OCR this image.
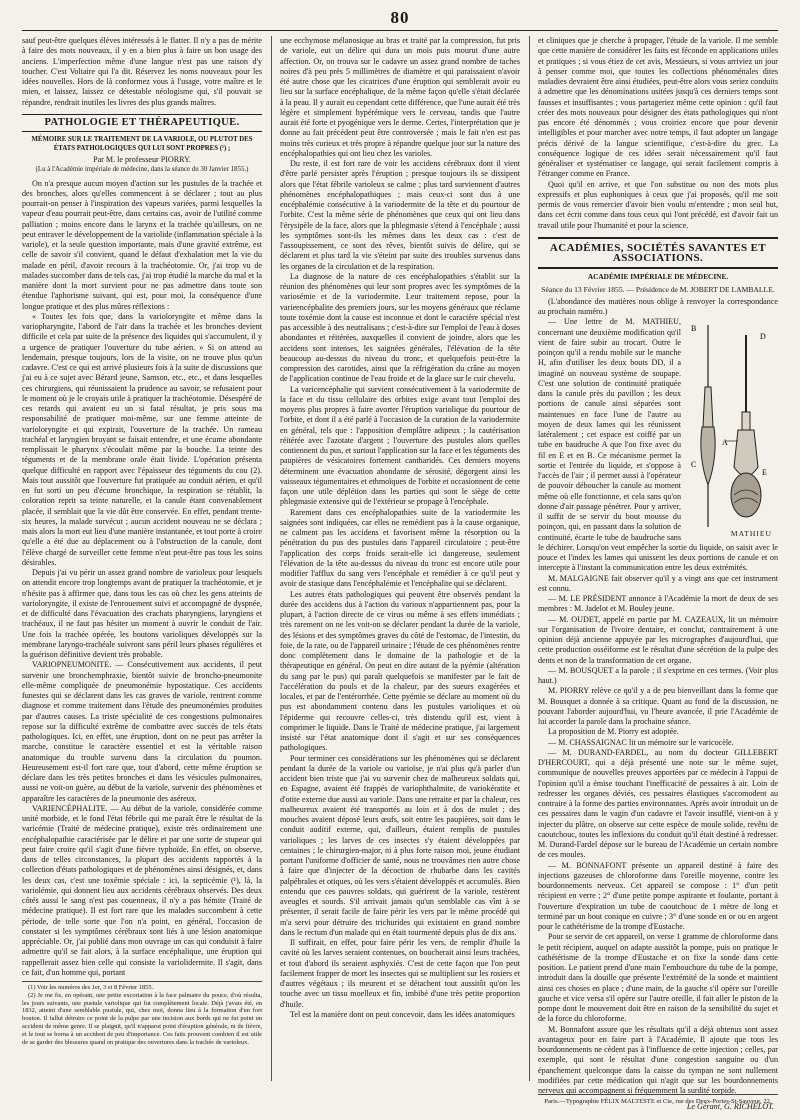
80

sauf peut-être quelques élèves intéressés à le flatter. Il n'y a pas de mérite à faire des mots nouveaux, il y en a bien plus à faire un bon usage des anciens. L'imperfection même d'une langue n'est pas une raison d'y toucher. C'est Voltaire qui l'a dit. Réservez les noms nouveaux pour les idées nouvelles. Hors de là conformez vous à l'usage, votre maître et le mien, et laissez, laissez ce détestable néologisme qui, s'il pouvait se répandre, rendrait inutiles les livres des plus grands maîtres.

PATHOLOGIE ET THÉRAPEUTIQUE.
MÉMOIRE SUR LE TRAITEMENT DE LA VARIOLE, OU PLUTOT DES ÉTATS PATHOLOGIQUES QUI LUI SONT PROPRES (¹) ;
Par M. le professeur PIORRY.
(Lu à l'Académie impériale de médecine, dans la séance du 30 Janvier 1855.)

On n'a presque aucun moyen d'action sur les pustules de la trachée et des bronches, alors qu'elles commencent à se déclarer ; tout au plus pourrait-on penser à l'inspiration des vapeurs variées, parmi lesquelles la vapeur d'eau pourrait peut-être, dans certains cas, avoir de l'utilité comme palliation ; moins encore dans le larynx et la trachée qu'ailleurs, on ne peut entraver le développement de la variolide (inflammation spéciale à la variole), et la seule question importante, mais d'une gravité extrême, est celle de savoir s'il convient, quand le défaut d'exhalation met la vie du malade en péril, d'avoir recours à la trachéotomie. Or, j'ai trop vu de malades succomber dans de tels cas, j'ai trop étudié la marche du mal et la manière dont la mort survient pour ne pas admettre dans toute son étendue l'aphorisme suivant, qui est, pour moi, la conséquence d'une longue pratique et des plus mûres réflexions :

« Toutes les fois que, dans la varioloryngite et même dans la variopharyngite, l'abord de l'air dans la trachée et les bronches devient difficile et cela par suite de la présence des liquides qui s'accumulent, il y a urgence de pratiquer l'ouverture du tube aérien. » Si on attend au lendemain, presque toujours, lors de la visite, on ne trouve plus qu'un cadavre. C'est ce qui est arrivé plusieurs fois à la suite de discussions que j'ai eu à ce sujet avec Bérard jeune, Samson, etc., etc., et dans lesquelles ces chirurgiens, qui réunissaient la prudence au savoir, se refusaient pour le moment où je le croyais utile à pratiquer la trachéotomie. Désespéré de ces retards qui avaient eu un si fatal résultat, je pris sous ma responsabilité de pratiquer moi-même, sur une femme atteinte de varioloryngite et qui expirait, l'ouverture de la trachée. Un rameau trachéal et laryngien bruyant se faisait entendre, et une écume abondante remplissait le pharynx s'écoulait même par la bouche. La teinte des téguments et de la membrane orale était livide. L'opération présenta quelque difficulté en rapport avec l'épaisseur des téguments du cou (2). Mais tout aussitôt que l'ouverture fut pratiquée au conduit aérien, et qu'il en fut sorti un peu d'écume bronchique, la respiration se rétablit, la coloration reprit sa teinte naturelle, et la canule étant convenablement placée, il semblait que la vie dût être conservée. En effet, pendant trente-six heures, la malade survécut ; aucun accident nouveau ne se déclara ; mais alors la mort eut lieu d'une manière instantanée, et tout porte à croire qu'elle a été due au déplacement ou à l'obstruction de la canule, dont l'élève chargé de surveiller cette femme n'eut peut-être pas tous les soins désirables.

Depuis j'ai vu périr un assez grand nombre de varioleux pour lesquels on attendit encore trop longtemps avant de pratiquer la trachéotomie, et je n'hésite pas à affirmer que, dans tous les cas où chez les gens atteints de varioloryngite, il existe de l'enrouement suivi et accompagné de dyspnée, et de difficulté dans l'évacuation des crachats pharyngiens, laryngiens et trachéaux, il ne faut pas hésiter un moment à ouvrir le conduit de l'air. Une fois la trachée opérée, les boutons varioliques développés sur la membrane laryngo-trachéale suivront sans péril leurs phases régulières et la guérison définitive devient très probable.

VARIOPNEUMONITE. — Consécutivement aux accidents, il peut survenir une bronchemphraxie, bientôt suivie de broncho-pneumonite elle-même compliquée de pneumonémie hypostatique. Ces accidents funestes qui se déclarent dans les cas graves de variole, rentrent comme diagnose et comme traitement dans l'étude des pneumonémies produites par d'autres causes. La triste spécialité de ces congestions pulmonaires repose sur la difficulté extrême de combattre avec succès de tels états pathologiques. Ici, en effet, une éruption, dont on ne peut pas arrêter la marche, constitue le caractère essentiel et est la véritable raison anatomique du trouble survenu dans la circulation du poumon. Heureusement est-il fort rare que, tout d'abord, cette même éruption se déclare dans les très petites bronches et dans les vésicules pulmonaires, aussi ne voit-on guère, au début de la variole, survenir des phénomènes et apparaître les caractères de la pneumonie des aséreux.

VARIENCÉPHALITE. — Au début de la variole, considérée comme unité morbide, et le fond l'état fébrile qui me paraît être le résultat de la varicémie (Traité de médecine pratique), existe très ordinairement une encéphalopathie caractérisée par le délire et par une sorte de stupeur qui peut faire croire qu'il s'agit d'une fièvre typhoïde. En effet, on observe, dans de telles circonstances, la plupart des accidents rapportés à la collection d'états pathologiques et de phénomènes ainsi désignés, et, dans les deux cas, c'est une toxémie spéciale : ici, la septicémie (¹), là, la variolémie, qui donnent lieu aux accidents cérébraux observés. Des deux côtés aussi le sang n'est pas couenneux, il n'y a pas hémite (Traité de médecine pratique). Il est fort rare que les malades succombent à cette période, de telle sorte que l'on n'a point, en général, l'occasion de constater si les symptômes cérébraux sont liés à une lésion anatomique appréciable. Or, j'ai publié dans mon ouvrage un cas qui conduisit à faire admettre qu'il se fait alors, à la surface encéphalique, une éruption qui rappellerait assez bien celle qui consiste la variolidermite. Il s'agit, dans ce fait, d'un homme qui, portant

(1) Voir les numéros des 1er, 3 et 8 Février 1855.

(2) Je me fis, en opérant, une petite excoriation à la face palmaire du pouce, d'où résulta, les jours suivants, une pustule variolique qui fut complètement locale. Déjà j'avais été, en 1832, atteint d'une semblable pustule, qui, chez moi, donna lieu à la formation d'un fort bouton. Il fallut détruire ce point de la pulpe par une incision aux bords qui ne fut point un accident de même genre. Il se plaignit, qu'il n'apparut point d'éruption générale, ni de fièvre, et le tout se borna à un accident de peu d'importance. Ces faits prouvent combien il est utile de se garder des blessures quand on pratique des ouvertures dans la trachée de varioleux.

une ecchymose mélanosique au bras et traité par la compression, fut pris de variole, eut un délire qui dura un mois puis mourut d'une autre affection. Or, on trouva sur le cadavre un assez grand nombre de taches noires d'à peu près 5 millimètres de diamètre et qui paraissaient n'avoir été autre chose que les cicatrices d'une éruption qui semblerait avoir eu lieu sur la surface encéphalique, de la même façon qu'elle s'était déclarée à la peau. Il y aurait eu cependant cette différence, que l'une aurait été très légère et simplement hypérémique vers le cerveau, tandis que l'autre aurait été forte et pyogénique vers le derme. Certes, l'interprétation que je donne au fait précédent peut être controversée ; mais le fait n'en est pas moins très curieux et très propre à répandre quelque jour sur la nature des encéphalopathies qui ont lieu chez les varioles.

Du reste, il est fort rare de voir les accidens cérébraux dont il vient d'être parlé persister après l'éruption ; presque toujours ils se dissipent alors que l'état fébrile varioleux se calme ; plus tard surviennent d'autres phénomènes encéphalopathiques ; mais ceux-ci sont dus à une encéphalémie consécutive à la variodermite de la tête et du pourtour de l'orbite. C'est la même série de phénomènes que ceux qui ont lieu dans l'érysipèle de la face, alors que la phlegmasie s'étend à l'encéphale ; aussi les symptômes sont-ils les mêmes dans les deux cas : c'est de l'assoupissement, ce sont des rêves, bientôt suivis de délire, qui se déclarent et plus tard la vie s'éteint par suite des troubles survenus dans les organes de la circulation et de la respiration.

La diagnose de la nature de ces encéphalopathies s'établit sur la réunion des phénomènes qui leur sont propres avec les symptômes de la variosémie et de la variodermite. Leur traitement repose, pour la varieencéphalite des premiers jours, sur les moyens généraux que réclame toute toxémie dont la cause est inconnue et dont le caractère spécial n'est pas accessible à des neutralisans ; c'est-à-dire sur l'emploi de l'eau à doses abondantes et réitérées, auxquelles il convient de joindre, alors que les accidens sont intenses, les saignées générales, l'élévation de la tête beaucoup au-dessus du niveau du tronc, et quelquefois peut-être la compression des carotides, ainsi que la réfrigération du crâne au moyen de l'application continue de l'eau froide et de la glace sur le cuir chevelu.

La varicencéphalie qui survient consécutivement à la variodermite de la face et du tissu cellulaire des orbites exige avant tout l'emploi des moyens plus propres à faire avorter l'éruption variolique du pourtour de l'orbite, et dont il a été parlé à l'occasion de la curation de la variodermite en général, tels que : l'apposition d'emplâtre adipeux ; la cautérisation réitérée avec l'azotate d'argent ; l'ouverture des pustules alors quelles contiennent du pus, et surtout l'application sur la face et les téguments des paupières de vésicatoires fortement cantharidés. Ces derniers moyens déterminent une évacuation abondante de sérosité, dégorgent ainsi les vaisseaux tégumentaires et ethmoïques de l'orbite et occasionnent de cette façon une utile déplétion dans les parties qui sont le siège de cette phlegmasie extensive qui de l'extérieur se propage à l'encéphale.

Rarement dans ces encéphalopathies suite de la variodermite les saignées sont indiquées, car elles ne remédient pas à la cause organique, ne calment pas les accidens et favorisent même la résorption ou la pénétration du pus des pustules dans l'appareil circulatoire ; peut-être l'application des corps froids serait-elle ici dangereuse, seulement l'élévation de la tête au-dessus du niveau du tronc est encore utile pour modifier l'afflux du sang vers l'encéphale et remédier à ce qu'il peut y avoir de stasique dans l'encéphalémie et l'encéphalite qui se déclarent.

Les autres états pathologiques qui peuvent être observés pendant la durée des accidens dus à l'action du varioux n'appartiennent pas, pour la plupart, à l'action directe de ce virus ou même à ses effets immédiats ; très rarement on ne les voit-on se déclarer pendant la durée de la variole, des lésions et des symptômes graves du côté de l'estomac, de l'intestin, du foie, de la rate, ou de l'appareil urinaire ; l'étude de ces phénomènes rentre donc complètement dans le domaine de la pathologie et de la thérapeutique en général. On peut en dire autant de la pyémie (altération du sang par le pus) qui paraît quelquefois se manifester par le fait de l'accélération du pouls et de la chaleur, par des sueurs exagérées et locales, et par de l'entérorrhée. Cette pyémie se déclare au moment où du pus est abondamment contenu dans les pustules varioliques et où l'épiderme qui recouvre celles-ci, très distendu qu'il est, vient à comprimer le liquide. Dans le Traité de médecine pratique, j'ai largement insisté sur l'état anatomique dont il s'agit et sur ses conséquences pathologiques.

Pour terminer ces considérations sur les phénomènes qui se déclarent pendant la durée de la variole ou varioïse, je n'ai plus qu'à parler d'un accident bien triste que j'ai vu survenir chez de malheureux soldats qui, en Espagne, avaient été frappés de variophthalmite, de variokératite et d'otite externe due aussi au variole. Dans une retraite et par la chaleur, ces malheureux avaient été transportés au loin et à dos de mulet ; des mouches avaient déposé leurs œufs, soit entre les paupières, soit dans le conduit auditif externe, qui, d'ailleurs, étaient remplis de pustules varioliques ; les larves de ces insectes s'y étaient développées par centaines ; le chirurgien-major, ni à plus forte raison moi, jeune étudiant portant l'uniforme d'officier de santé, nous ne trouvâmes rien autre chose à faire que d'injecter de la décoction de rhubarbe dans les cavités palpébrales et otiques, où les vers s'étaient développés et accumulés. Bien entendu que ces pauvres soldats, qui guérirent de la variole, restèrent aveugles et sourds. S'il arrivait jamais qu'un semblable cas vînt à se présenter, il serait facile de faire périr les vers par le même procédé qui m'a servi pour détruire des trichurides qui existaient en grand nombre dans le rectum d'un malade qui en était tourmenté depuis plus de dix ans.

Il suffirait, en effet, pour faire périr les vers, de remplir d'huile la cavité où les larves seraient contenues, on boucherait ainsi leurs trachées, et tout d'abord ils seraient asphyxiés. C'est de cette façon que l'on peut facilement frapper de mort les insectes qui se multiplient sur les rosiers et d'autres végétaux ; ils meurent et se détachent tout aussitôt qu'on les touche avec un tissu moelleux et fin, imbibé d'une très petite proportion d'huile.

Tel est la manière dont on peut concevoir, dans les idées anatomiques

et cliniques que je cherche à propager, l'étude de la variole. Il me semble que cette manière de considérer les faits est féconde en applications utiles et pratiques ; si vous étiez de cet avis, Messieurs, si vous arriviez un jour à penser comme moi, que toutes les collections phénoménales dites maladies devraient être ainsi étudiées, peut-être alors vous seriez conduits à admettre que les dénominations usitées jusqu'à ces derniers temps sont fausses et insuffisantes ; vous partageriez même cette opinion : qu'il faut créer des mots nouveaux pour désigner des états pathologiques qui n'ont pas encore été dénommés ; vous croiriez encore que pour devenir intelligibles et pour marcher avec notre temps, il faut adopter un langage précis dérivé de la langue scientifique, c'est-à-dire du grec. La conséquence logique de ces idées serait nécessairement qu'il faut généraliser et systématiser ce langage, qui serait facilement compris à l'étranger comme en France.

Quoi qu'il en arrive, et que l'on substitue ou non des mots plus expressifs et plus euphoniques à ceux que j'ai proposés, qu'il me soit permis de vous remercier d'avoir bien voulu m'entendre ; mon seul but, dans cet écrit comme dans tous ceux qui l'ont précédé, est d'avoir fait un travail utile pour l'humanité et pour la science.

ACADÉMIES, SOCIÉTÉS SAVANTES ET ASSOCIATIONS.
ACADÉMIE IMPÉRIALE DE MÉDECINE.
Séance du 13 Février 1855. — Présidence de M. JOBERT DE LAMBALLE.

(L'abondance des matières nous oblige à renvoyer la correspondance au prochain numéro.)

B
D
A
C
E
MATHIEU

— Une lettre de M. MATHIEU, concernant une deuxième modification qu'il vient de faire subir au trocart. Outre le poinçon qu'il a rendu mobile sur le manche H, afin d'utiliser les deux bouts DD, il a imaginé un nouveau système de soupape. C'est une solution de continuité pratiquée dans la canule près du pavillon ; les deux portions de canule ainsi séparées sont maintenues en face l'une de l'autre au moyen de deux lames qui les réunissent latéralement ; cet espace est coiffé par un tube en baudruche A que l'on fixe avec du fil en E et en B. Ce mécanisme permet la sortie et l'entrée du liquide, et s'oppose à l'accès de l'air ; il permet aussi à l'opérateur de pouvoir déboucher la canule au moment même où elle fonctionne, et cela sans qu'on donne d'air passage pénétrer. Pour y arriver, il suffit de se servir du bout mousse du poinçon, qui, en passant dans la solution de continuité, écarte le tube de baudruche sans le déchirer. Lorsqu'on veut empêcher la sortie du liquide, on saisit avec le pouce et l'index les lames qui unissent les deux portions de canule et on intercepte à l'instant la communication entre les deux extrémités.

M. MALGAIGNE fait observer qu'il y a vingt ans que cet instrument est connu.

— M. LE PRÉSIDENT annonce à l'Académie la mort de deux de ses membres : M. Jadelot et M. Bouley jeune.

— M. OUDET, appelé en partie par M. CAZEAUX, lit un mémoire sur l'organisation de l'ivoire dentaire, et conclut, contrairement à une opinion déjà ancienne appuyée par les micrographes d'aujourd'hui, que cette production osséiforme est le résultat d'une sécrétion de la pulpe des dents et non de la transformation de cet organe.

— M. BOUSQUET a la parole ; il s'exprime en ces termes. (Voir plus haut.)

M. PIORRY relève ce qu'il y a de peu bienveillant dans la forme que M. Bousquet a donnée à sa critique. Quant au fond de la discussion, ne pouvant l'aborder aujourd'hui, vu l'heure avancée, il prie l'Académie de lui accorder la parole dans la prochaine séance.

La proposition de M. Piorry est adoptée.

— M. CHASSAIGNAC lit un mémoire sur le varicocèle.

— M. DURAND-FARDEL, au nom du docteur GILLEBERT D'HERCOURT, qui a déjà présenté une note sur le même sujet, communique de nouvelles preuves apportées par ce médecin à l'appui de l'opinion qu'il a émise touchant l'inefficacité de pessaires à air. Loin de redresser les organes déviés, ces pessaires élastiques s'accomodent au contraire à la forme des parties environnantes. Après avoir introduit un de ces pessaires dans le vagin d'un cadavre et l'avoir insufflé, vient-on à y injecter du plâtre, on observe sur cette espèce de moule solide, revêtu de caoutchouc, toutes les inflexions du conduit qu'il était destiné à redresser. M. Durand-Fardel dépose sur le bureau de l'Académie un certain nombre de ces moules.

— M. BONNAFONT présente un appareil destiné à faire des injections gazeuses de chloroforme dans l'oreille moyenne, contre les bourdonnements nerveux. Cet appareil se compose : 1° d'un petit récipient en verre ; 2° d'une petite pompe aspirante et foulante, portant à l'ouverture d'expiration un tube de caoutchouc de 1 mètre de long et terminé par un bout conique en cuivre ; 3° d'une sonde en or ou en argent pour le cathétérisme de la trompe d'Eustache.

Pour se servir de cet appareil, on verse 1 gramme de chloroforme dans le petit récipient, auquel on adapte aussitôt la pompe, puis on pratique le cathétérisme de la trompe d'Eustache et on fixe la sonde dans cette position. Le patient prend d'une main l'embouchure du tube de la pompe, introduit dans la douille que présente l'extrémité de la sonde et maintient ainsi ces choses en place ; d'une main, de la gauche s'il opère sur l'oreille gauche et vice versa s'il opère sur l'autre oreille, il fait aller le piston de la pompe dont le mouvement doit être en raison de la sensibilité du sujet et de la force du chloroforme.

M. Bonnafont assure que les résultats qu'il a déjà obtenus sont assez avantageux pour en faire part à l'Académie. Il ajoute que tous les bourdonnements ne cèdent pas à l'influence de cette injection ; celles, par exemple, qui sont le résultat d'une congestion sanguine ou d'un épanchement quelconque dans la caisse du tympan ne sont nullement modifiées par cette médication qui n'agit que sur les bourdonnements nerveux qui accompagnent si fréquemment la surdité torpide.

Le Gérant, G. RICHELOT.
Paris.—Typographie FÉLIX MALTESTE et Cie, rue des Deux-Portes-St-Sauveur, 22.
